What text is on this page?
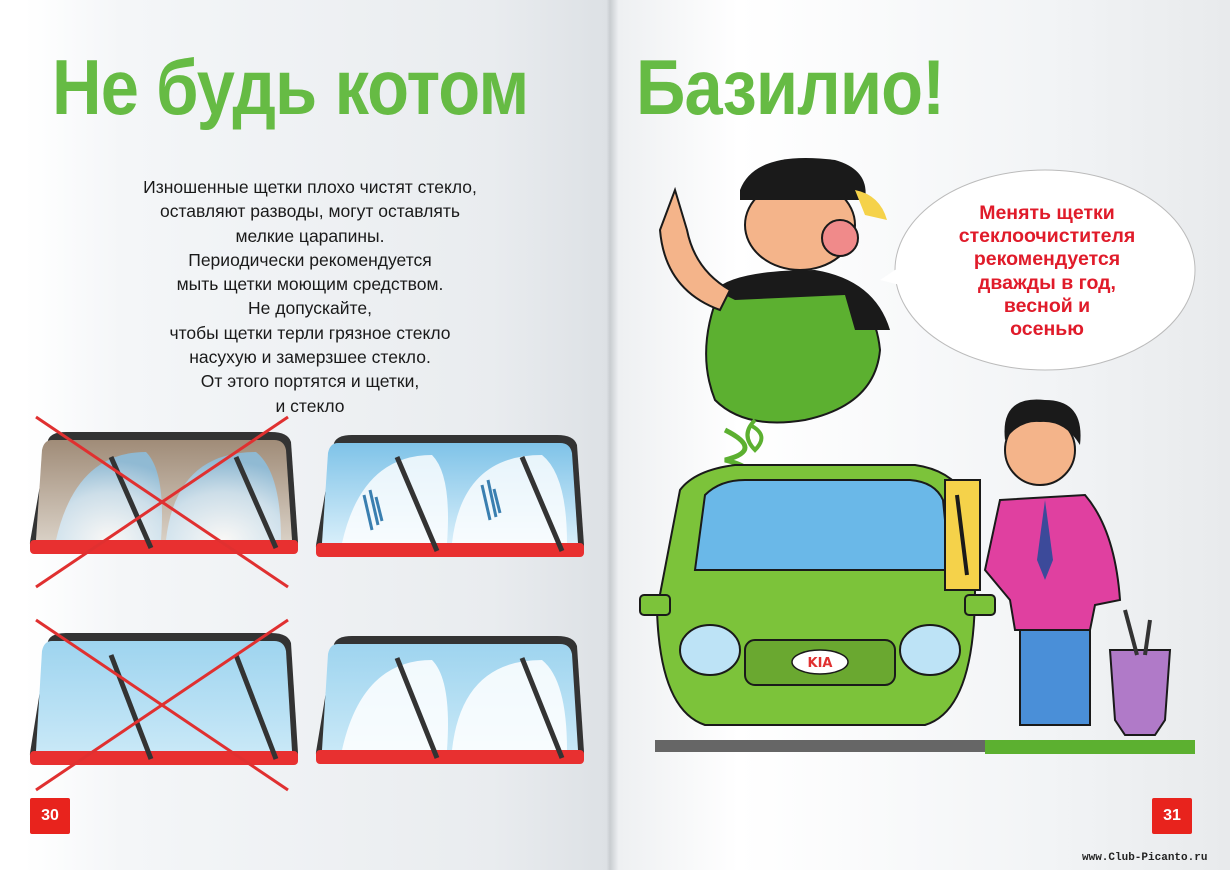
Не будь котом Базилио!
Изношенные щетки плохо чистят стекло,
оставляют разводы, могут оставлять
мелкие царапины.
Периодически рекомендуется
мыть щетки моющим средством.
Не допускайте,
чтобы щетки терли грязное стекло
насухую и замерзшее стекло.
От этого портятся и щетки,
и стекло
KIA
Менять щетки
стеклоочистителя
рекомендуется
дважды в год,
весной и
осенью
30	31
www.Club-Picanto.ru
